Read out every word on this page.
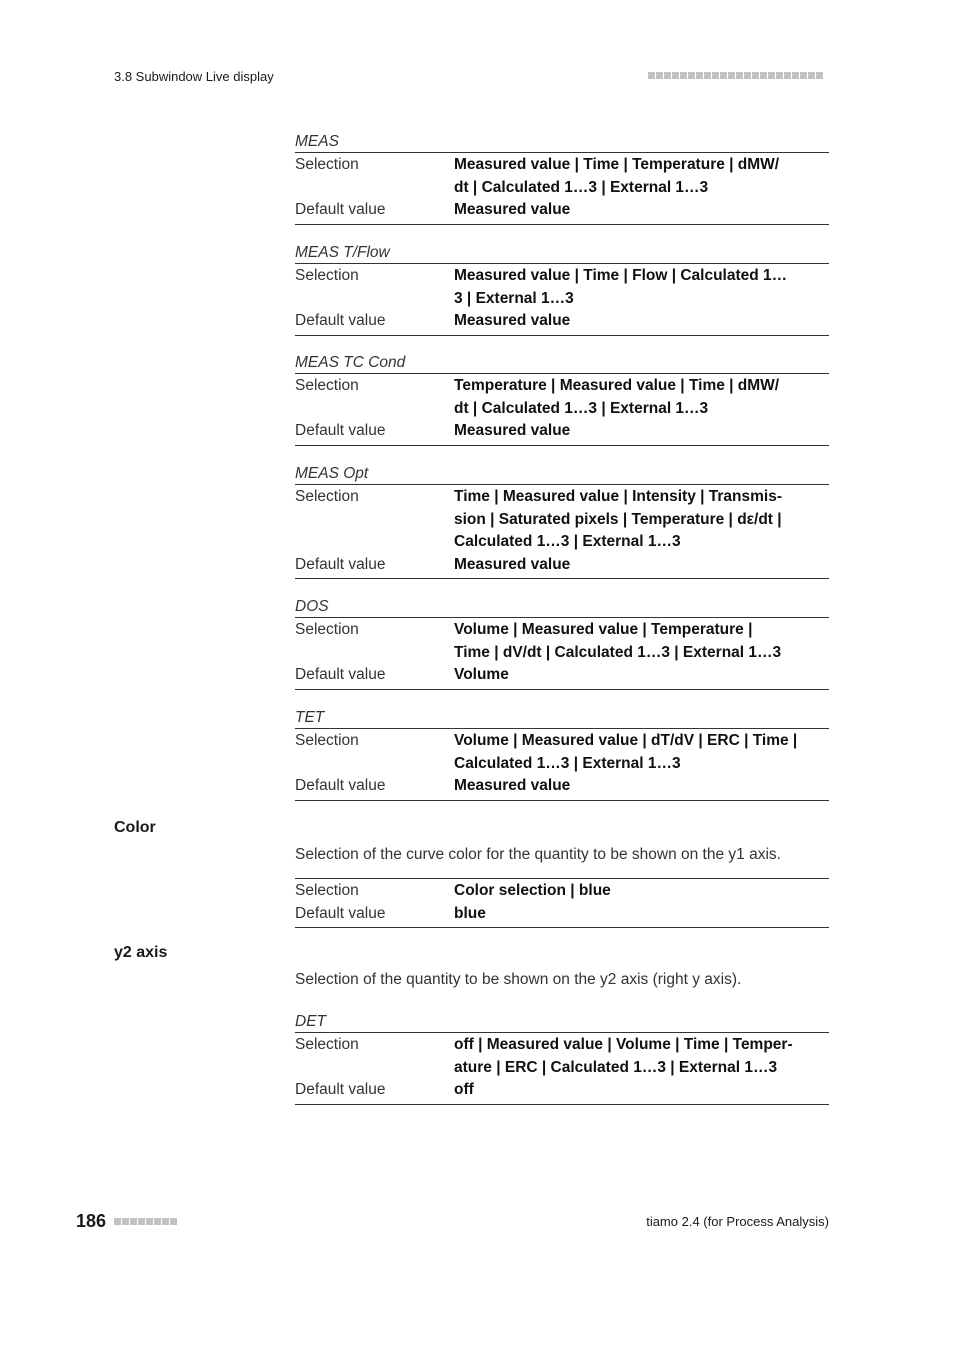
3.8 Subwindow Live display
MEAS
Selection	Measured value | Time | Temperature | dMW/
dt | Calculated 1…3 | External 1…3
Default value	Measured value
MEAS T/Flow
Selection	Measured value | Time | Flow | Calculated 1…
3 | External 1…3
Default value	Measured value
MEAS TC Cond
Selection	Temperature | Measured value | Time | dMW/
dt | Calculated 1…3 | External 1…3
Default value	Measured value
MEAS Opt
Selection	Time | Measured value | Intensity | Transmis-
sion | Saturated pixels | Temperature | dε/dt |
Calculated 1…3 | External 1…3
Default value	Measured value
DOS
Selection	Volume | Measured value | Temperature |
Time | dV/dt | Calculated 1…3 | External 1…3
Default value	Volume
TET
Selection	Volume | Measured value | dT/dV | ERC | Time |
Calculated 1…3 | External 1…3
Default value	Measured value
Color
Selection of the curve color for the quantity to be shown on the y1 axis.
Selection	Color selection | blue
Default value	blue
y2 axis
Selection of the quantity to be shown on the y2 axis (right y axis).
DET
Selection	off | Measured value | Volume | Time | Temper-
ature | ERC | Calculated 1…3 | External 1…3
Default value	off
186	tiamo 2.4 (for Process Analysis)
